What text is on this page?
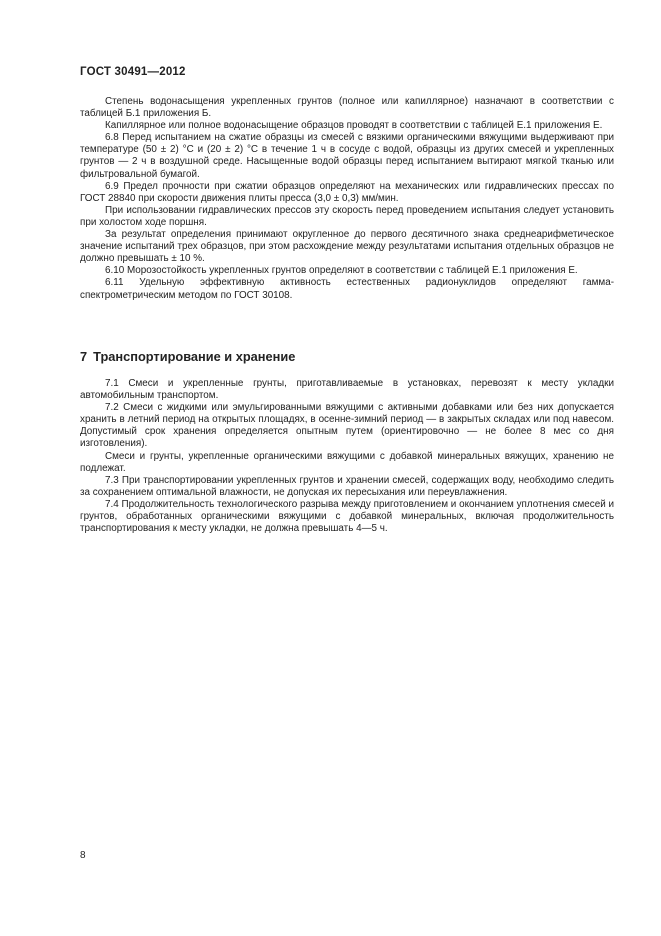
ГОСТ 30491—2012

Степень водонасыщения укрепленных грунтов (полное или капиллярное) назначают в соответствии с таблицей Б.1 приложения Б.

Капиллярное или полное водонасыщение образцов проводят в соответствии с таблицей Е.1 приложения Е.

6.8 Перед испытанием на сжатие образцы из смесей с вязкими органическими вяжущими выдерживают при температуре (50 ± 2) °С и (20 ± 2) °С в течение 1 ч в сосуде с водой, образцы из других смесей и укрепленных грунтов — 2 ч в воздушной среде. Насыщенные водой образцы перед испытанием вытирают мягкой тканью или фильтровальной бумагой.

6.9 Предел прочности при сжатии образцов определяют на механических или гидравлических прессах по ГОСТ 28840 при скорости движения плиты пресса (3,0 ± 0,3) мм/мин.

При использовании гидравлических прессов эту скорость перед проведением испытания следует установить при холостом ходе поршня.

За результат определения принимают округленное до первого десятичного знака среднеарифметическое значение испытаний трех образцов, при этом расхождение между результатами испытания отдельных образцов не должно превышать ± 10 %.

6.10 Морозостойкость укрепленных грунтов определяют в соответствии с таблицей Е.1 приложения Е.

6.11 Удельную эффективную активность естественных радионуклидов определяют гамма-спектрометрическим методом по ГОСТ 30108.

7 Транспортирование и хранение

7.1 Смеси и укрепленные грунты, приготавливаемые в установках, перевозят к месту укладки автомобильным транспортом.

7.2 Смеси с жидкими или эмульгированными вяжущими с активными добавками или без них допускается хранить в летний период на открытых площадях, в осенне-зимний период — в закрытых складах или под навесом. Допустимый срок хранения определяется опытным путем (ориентировочно — не более 8 мес со дня изготовления).

Смеси и грунты, укрепленные органическими вяжущими с добавкой минеральных вяжущих, хранению не подлежат.

7.3 При транспортировании укрепленных грунтов и хранении смесей, содержащих воду, необходимо следить за сохранением оптимальной влажности, не допуская их пересыхания или переувлажнения.

7.4 Продолжительность технологического разрыва между приготовлением и окончанием уплотнения смесей и грунтов, обработанных органическими вяжущими с добавкой минеральных, включая продолжительность транспортирования к месту укладки, не должна превышать 4—5 ч.

8
